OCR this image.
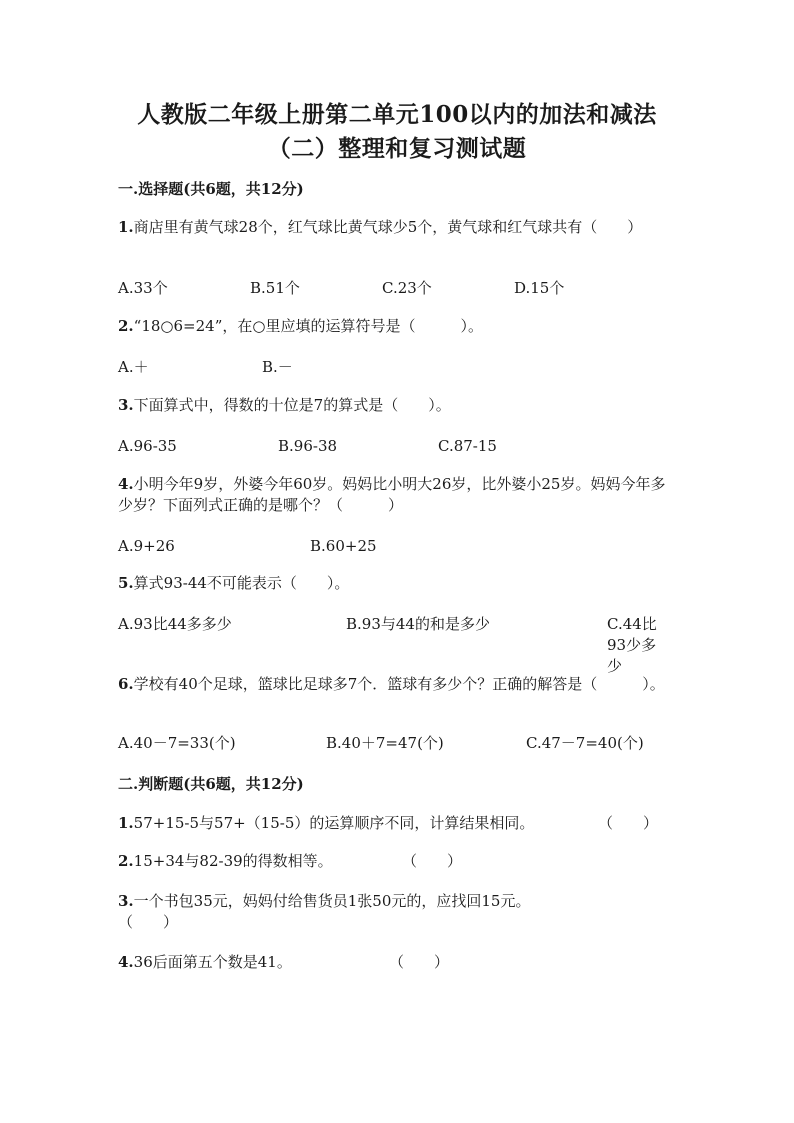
人教版二年级上册第二单元100以内的加法和减法
（二）整理和复习测试题
一.选择题(共6题，共12分)
1.商店里有黄气球28个，红气球比黄气球少5个，黄气球和红气球共有（　　）
A.33个	B.51个	C.23个	D.15个
2.“18○6=24”，在○里应填的运算符号是（　　　）。
A.＋	B.－
3.下面算式中，得数的十位是7的算式是（　　）。
A.96-35	B.96-38	C.87-15
4.小明今年9岁，外婆今年60岁。妈妈比小明大26岁，比外婆小25岁。妈妈今年多少岁？下面列式正确的是哪个？（　　　）
A.9+26	B.60+25
5.算式93-44不可能表示（　　）。
A.93比44多多少	B.93与44的和是多少	C.44比93少多少
6.学校有40个足球，篮球比足球多7个．篮球有多少个？正确的解答是（　　　）。
A.40－7=33(个)	B.40＋7=47(个)	C.47－7=40(个)
二.判断题(共6题，共12分)
1.57+15-5与57+（15-5）的运算顺序不同，计算结果相同。	（　　）
2.15+34与82-39的得数相等。	（　　）
3.一个书包35元，妈妈付给售货员1张50元的，应找回15元。
（　　）
4.36后面第五个数是41。	（　　）
